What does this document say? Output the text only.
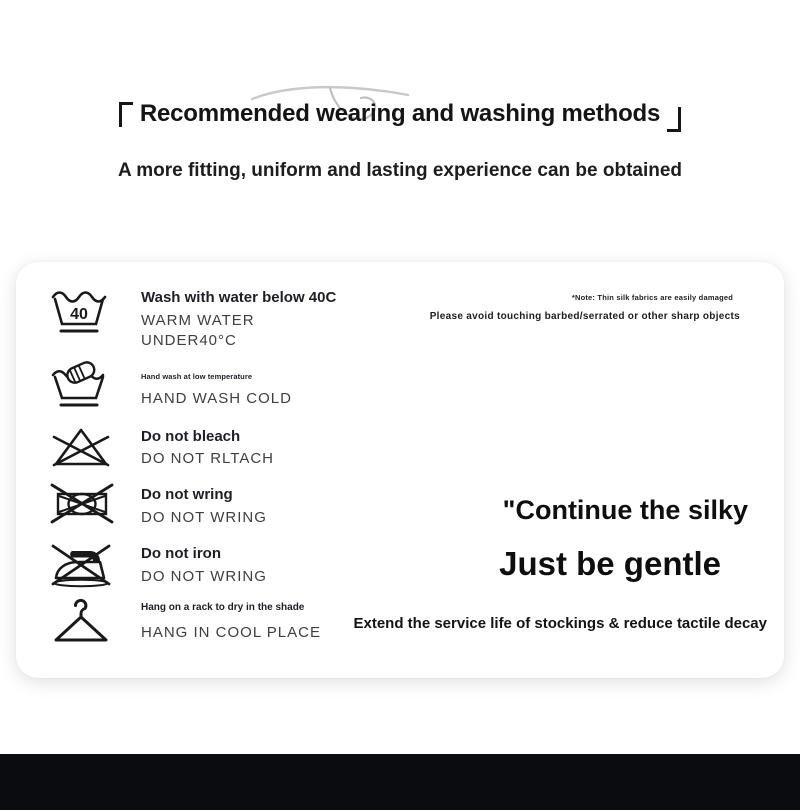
Recommended wearing and washing methods
A more fitting, uniform and lasting experience can be obtained
40
Wash with water below 40C
WARM WATER
UNDER40°C
Hand wash at low temperature
HAND WASH COLD
Do not bleach
DO NOT RLTACH
Do not wring
DO NOT WRING
Do not iron
DO NOT WRING
Hang on a rack to dry in the shade
HANG IN COOL PLACE
*Note: Thin silk fabrics are easily damaged
Please avoid touching barbed/serrated or other sharp objects
"Continue the silky
Just be gentle
Extend the service life of stockings & reduce tactile decay
